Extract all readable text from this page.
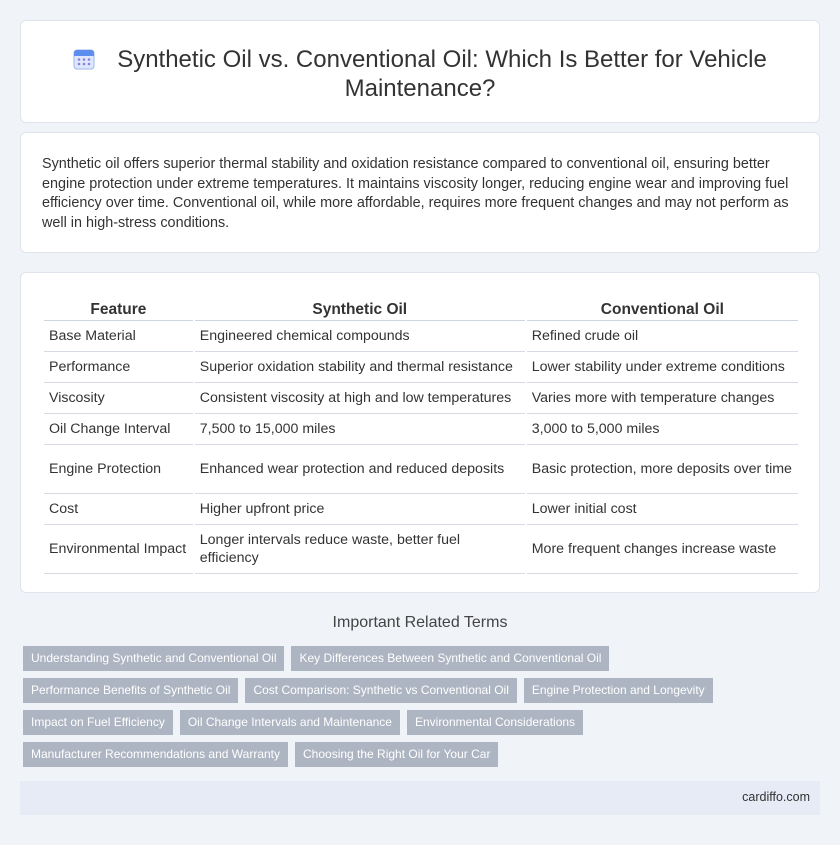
Synthetic Oil vs. Conventional Oil: Which Is Better for Vehicle Maintenance?

Synthetic oil offers superior thermal stability and oxidation resistance compared to conventional oil, ensuring better engine protection under extreme temperatures. It maintains viscosity longer, reducing engine wear and improving fuel efficiency over time. Conventional oil, while more affordable, requires more frequent changes and may not perform as well in high-stress conditions.

Feature	Synthetic Oil	Conventional Oil
Base Material	Engineered chemical compounds	Refined crude oil
Performance	Superior oxidation stability and thermal resistance	Lower stability under extreme conditions
Viscosity	Consistent viscosity at high and low temperatures	Varies more with temperature changes
Oil Change Interval	7,500 to 15,000 miles	3,000 to 5,000 miles
Engine Protection	Enhanced wear protection and reduced deposits	Basic protection, more deposits over time
Cost	Higher upfront price	Lower initial cost
Environmental Impact	Longer intervals reduce waste, better fuel efficiency	More frequent changes increase waste
Important Related Terms
Understanding Synthetic and Conventional Oil	Key Differences Between Synthetic and Conventional Oil
Performance Benefits of Synthetic Oil	Cost Comparison: Synthetic vs Conventional Oil	Engine Protection and Longevity
Impact on Fuel Efficiency	Oil Change Intervals and Maintenance	Environmental Considerations
Manufacturer Recommendations and Warranty	Choosing the Right Oil for Your Car
cardiffo.com
